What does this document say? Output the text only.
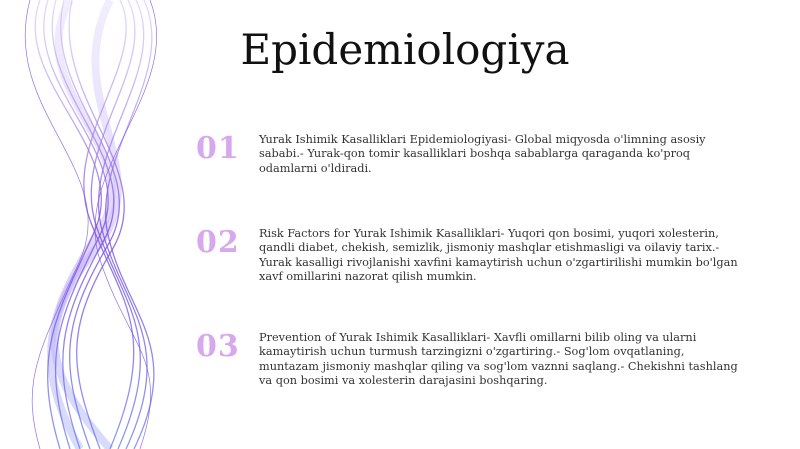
Epidemiologiya
01 Yurak Ishimik Kasalliklari Epidemiologiyasi- Global miqyosda o'limning asosiy sababi.- Yurak-qon tomir kasalliklari boshqa sabablarga qaraganda ko'proq odamlarni o'ldiradi.

02 Risk Factors for Yurak Ishimik Kasalliklari- Yuqori qon bosimi, yuqori xolesterin, qandli diabet, chekish, semizlik, jismoniy mashqlar etishmasligi va oilaviy tarix.- Yurak kasalligi rivojlanishi xavfini kamaytirish uchun o'zgartirilishi mumkin bo'lgan xavf omillarini nazorat qilish mumkin.

03 Prevention of Yurak Ishimik Kasalliklari- Xavfli omillarni bilib oling va ularni kamaytirish uchun turmush tarzingizni o'zgartiring.- Sog'lom ovqatlaning, muntazam jismoniy mashqlar qiling va sog'lom vaznni saqlang.- Chekishni tashlang va qon bosimi va xolesterin darajasini boshqaring.
